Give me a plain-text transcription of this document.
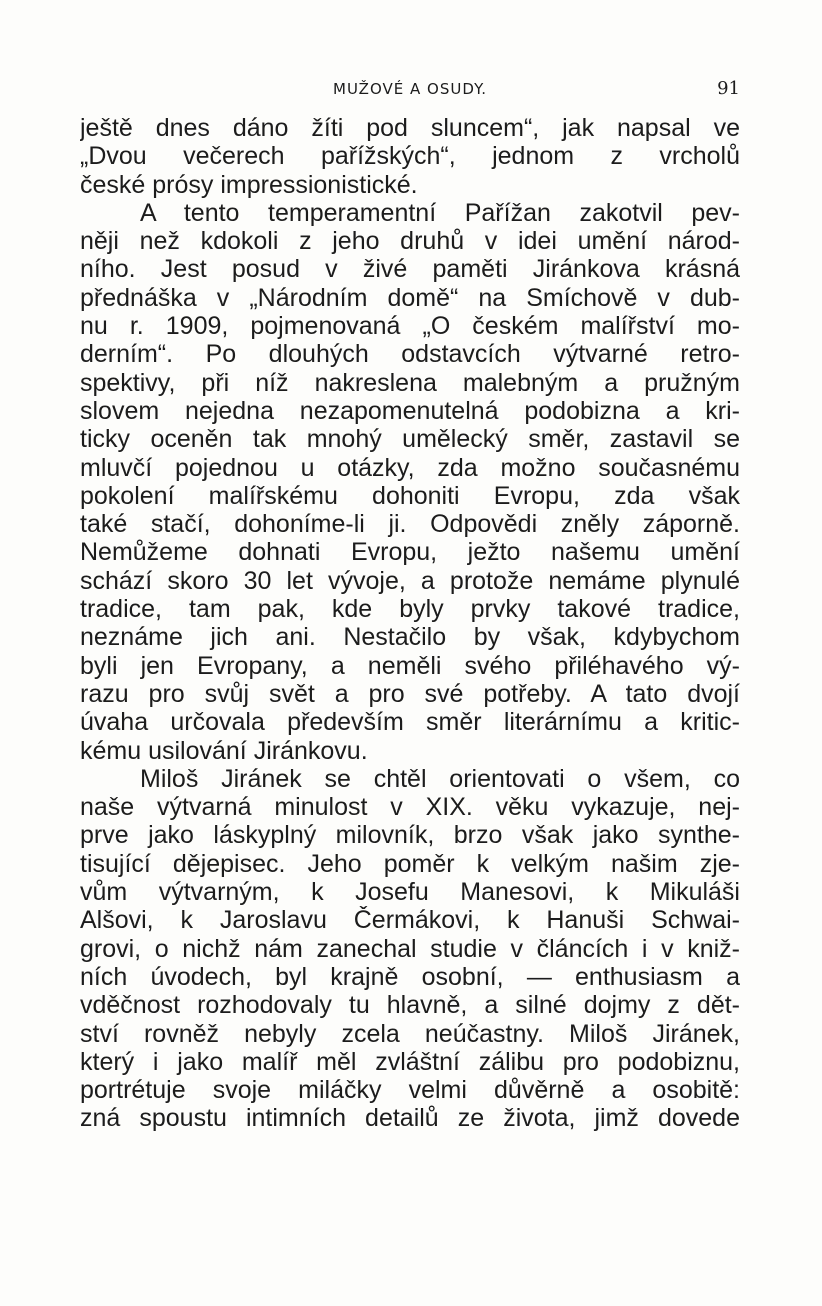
MUŽOVÉ A OSUDY.	91
ještě dnes dáno žíti pod sluncem“, jak napsal ve
„Dvou večerech pařížských“, jednom z vrcholů
české prósy impressionistické.
A tento temperamentní Pařížan zakotvil pev-
něji než kdokoli z jeho druhů v idei umění národ-
ního. Jest posud v živé paměti Jiránkova krásná
přednáška v „Národním domě“ na Smíchově v dub-
nu r. 1909, pojmenovaná „O českém malířství mo-
derním“. Po dlouhých odstavcích výtvarné retro-
spektivy, při níž nakreslena malebným a pružným
slovem nejedna nezapomenutelná podobizna a kri-
ticky oceněn tak mnohý umělecký směr, zastavil se
mluvčí pojednou u otázky, zda možno současnému
pokolení malířskému dohoniti Evropu, zda však
také stačí, dohoníme-li ji. Odpovědi zněly záporně.
Nemůžeme dohnati Evropu, ježto našemu umění
schází skoro 30 let vývoje, a protože nemáme plynulé
tradice, tam pak, kde byly prvky takové tradice,
neznáme jich ani. Nestačilo by však, kdybychom
byli jen Evropany, a neměli svého přiléhavého vý-
razu pro svůj svět a pro své potřeby. A tato dvojí
úvaha určovala především směr literárnímu a kritic-
kému usilování Jiránkovu.
Miloš Jiránek se chtěl orientovati o všem, co
naše výtvarná minulost v XIX. věku vykazuje, nej-
prve jako láskyplný milovník, brzo však jako synthe-
tisující dějepisec. Jeho poměr k velkým našim zje-
vům výtvarným, k Josefu Manesovi, k Mikuláši
Alšovi, k Jaroslavu Čermákovi, k Hanuši Schwai-
grovi, o nichž nám zanechal studie v článcích i v kniž-
ních úvodech, byl krajně osobní, — enthusiasm a
vděčnost rozhodovaly tu hlavně, a silné dojmy z dět-
ství rovněž nebyly zcela neúčastny. Miloš Jiránek,
který i jako malíř měl zvláštní zálibu pro podobiznu,
portrétuje svoje miláčky velmi důvěrně a osobitě:
zná spoustu intimních detailů ze života, jimž dovede
